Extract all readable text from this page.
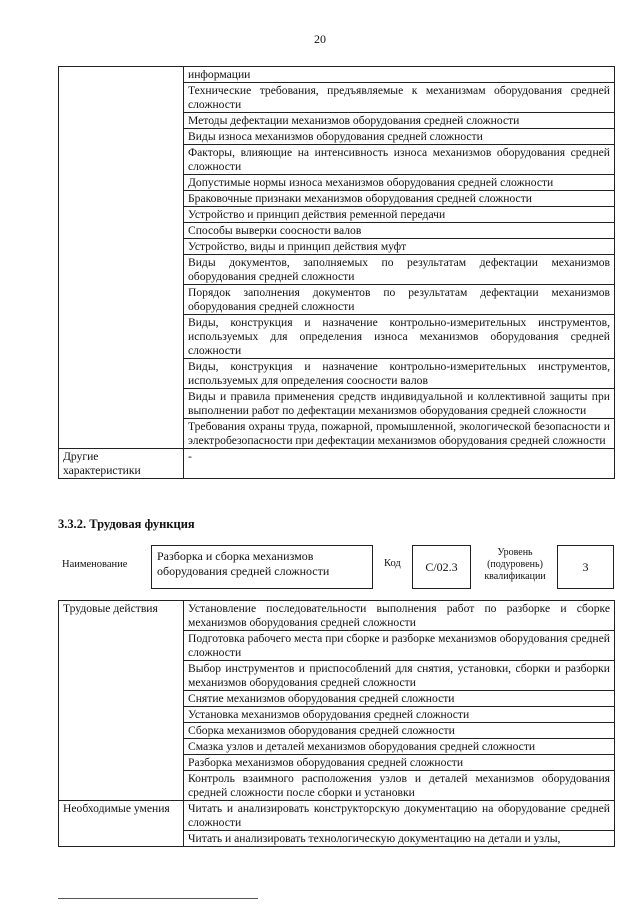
20
	информации
	Технические требования, предъявляемые к механизмам оборудования средней сложности
	Методы дефектации механизмов оборудования средней сложности
	Виды износа механизмов оборудования средней сложности
	Факторы, влияющие на интенсивность износа механизмов оборудования средней сложности
	Допустимые нормы износа механизмов оборудования средней сложности
	Браковочные признаки механизмов оборудования средней сложности
	Устройство и принцип действия ременной передачи
	Способы выверки соосности валов
	Устройство, виды и принцип действия муфт
	Виды документов, заполняемых по результатам дефектации механизмов оборудования средней сложности
	Порядок заполнения документов по результатам дефектации механизмов оборудования средней сложности
	Виды, конструкция и назначение контрольно-измерительных инструментов, используемых для определения износа механизмов оборудования средней сложности
	Виды, конструкция и назначение контрольно-измерительных инструментов, используемых для определения соосности валов
	Виды и правила применения средств индивидуальной и коллективной защиты при выполнении работ по дефектации механизмов оборудования средней сложности
	Требования охраны труда, пожарной, промышленной, экологической безопасности и электробезопасности при дефектации механизмов оборудования средней сложности
Другие характеристики	-
3.3.2. Трудовая функция
Наименование
Разборка и сборка механизмов оборудования средней сложности
Код	C/02.3
Уровень (подуровень) квалификации
3
Трудовые действия	Установление последовательности выполнения работ по разборке и сборке механизмов оборудования средней сложности
	Подготовка рабочего места при сборке и разборке механизмов оборудования средней сложности
	Выбор инструментов и приспособлений для снятия, установки, сборки и разборки механизмов оборудования средней сложности
	Снятие механизмов оборудования средней сложности
	Установка механизмов оборудования средней сложности
	Сборка механизмов оборудования средней сложности
	Смазка узлов и деталей механизмов оборудования средней сложности
	Разборка механизмов оборудования средней сложности
	Контроль взаимного расположения узлов и деталей механизмов оборудования средней сложности после сборки и установки
Необходимые умения	Читать и анализировать конструкторскую документацию на оборудование средней сложности
	Читать и анализировать технологическую документацию на детали и узлы,
